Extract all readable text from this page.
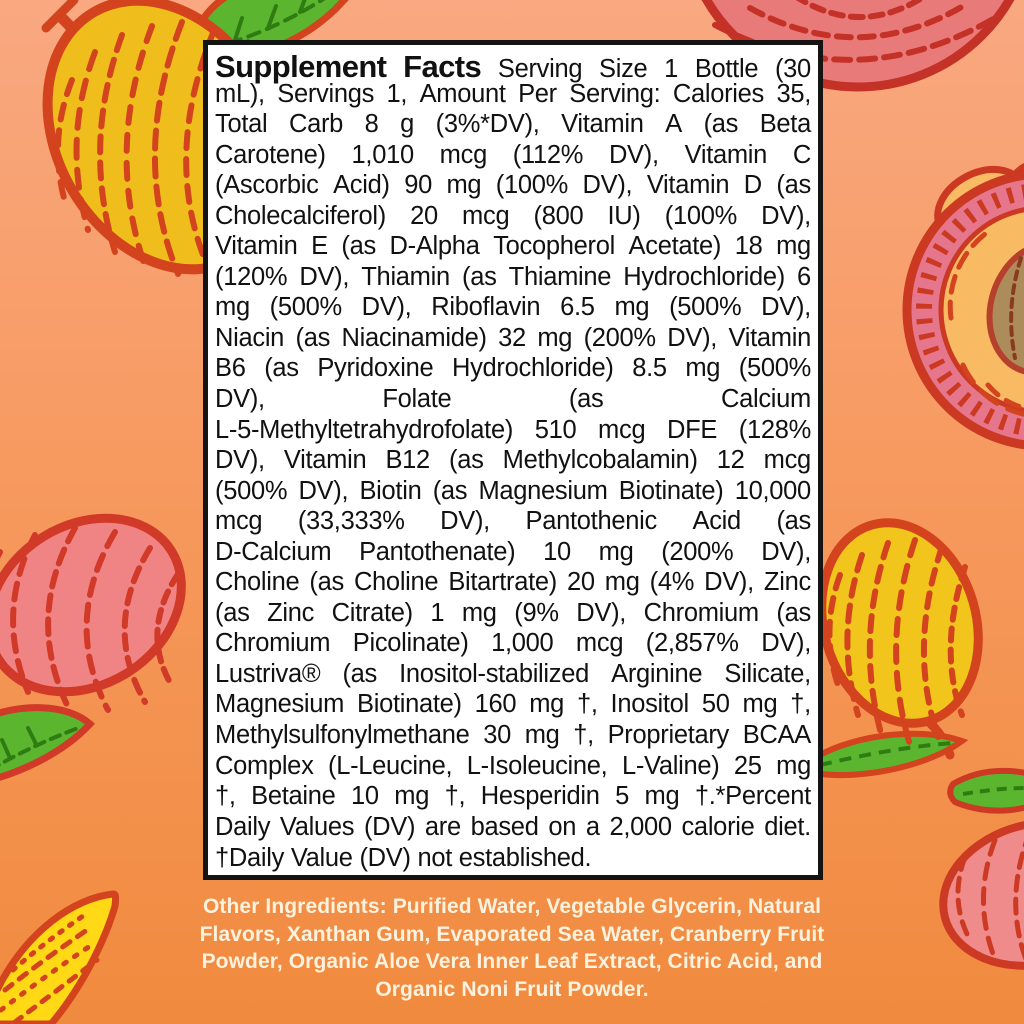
Supplement Facts Serving Size 1 Bottle (30
mL), Servings 1, Amount Per Serving: Calories 35,
Total Carb 8 g (3%*DV), Vitamin A (as Beta
Carotene) 1,010 mcg (112% DV), Vitamin C
(Ascorbic Acid) 90 mg (100% DV), Vitamin D (as
Cholecalciferol) 20 mcg (800 IU) (100% DV),
Vitamin E (as D-Alpha Tocopherol Acetate) 18 mg
(120% DV), Thiamin (as Thiamine Hydrochloride) 6
mg (500% DV), Riboflavin 6.5 mg (500% DV),
Niacin (as Niacinamide) 32 mg (200% DV), Vitamin
B6 (as Pyridoxine Hydrochloride) 8.5 mg (500%
DV),	Folate	(as	Calcium
L-5-Methyltetrahydrofolate) 510 mcg DFE (128%
DV), Vitamin B12 (as Methylcobalamin) 12 mcg
(500% DV), Biotin (as Magnesium Biotinate) 10,000
mcg (33,333% DV), Pantothenic Acid (as
D-Calcium Pantothenate) 10 mg (200% DV),
Choline (as Choline Bitartrate) 20 mg (4% DV), Zinc
(as Zinc Citrate) 1 mg (9% DV), Chromium (as
Chromium Picolinate) 1,000 mcg (2,857% DV),
Lustriva® (as Inositol-stabilized Arginine Silicate,
Magnesium Biotinate) 160 mg †, Inositol 50 mg †,
Methylsulfonylmethane 30 mg †, Proprietary BCAA
Complex (L-Leucine, L-Isoleucine, L-Valine) 25 mg
†, Betaine 10 mg †, Hesperidin 5 mg †.*Percent
Daily Values (DV) are based on a 2,000 calorie diet.
†Daily Value (DV) not established.
Other Ingredients: Purified Water, Vegetable Glycerin, Natural
Flavors, Xanthan Gum, Evaporated Sea Water, Cranberry Fruit
Powder, Organic Aloe Vera Inner Leaf Extract, Citric Acid, and
Organic Noni Fruit Powder.
